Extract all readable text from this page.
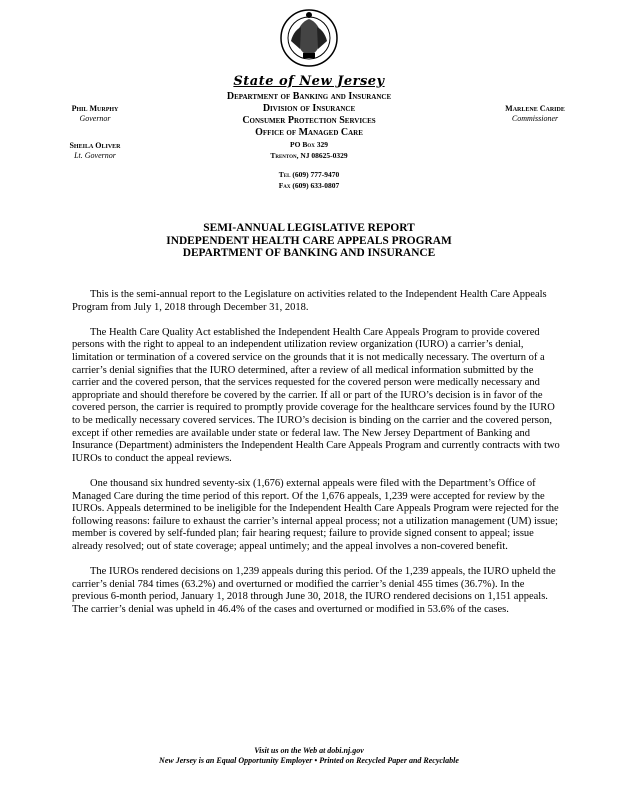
State of New Jersey
Department of Banking and Insurance
Division of Insurance
Consumer Protection Services
Office of Managed Care
PO Box 329
Trenton, NJ 08625-0329
Tel (609) 777-9470
Fax (609) 633-0807
Phil Murphy
Governor
Sheila Oliver
Lt. Governor
Marlene Caride
Commissioner
SEMI-ANNUAL LEGISLATIVE REPORT
INDEPENDENT HEALTH CARE APPEALS PROGRAM
DEPARTMENT OF BANKING AND INSURANCE

This is the semi-annual report to the Legislature on activities related to the Independent Health Care Appeals Program from July 1, 2018 through December 31, 2018.

The Health Care Quality Act established the Independent Health Care Appeals Program to provide covered persons with the right to appeal to an independent utilization review organization (IURO) a carrier’s denial, limitation or termination of a covered service on the grounds that it is not medically necessary. The overturn of a carrier’s denial signifies that the IURO determined, after a review of all medical information submitted by the carrier and the covered person, that the services requested for the covered person were medically necessary and appropriate and should therefore be covered by the carrier. If all or part of the IURO’s decision is in favor of the covered person, the carrier is required to promptly provide coverage for the healthcare services found by the IURO to be medically necessary covered services. The IURO’s decision is binding on the carrier and the covered person, except if other remedies are available under state or federal law. The New Jersey Department of Banking and Insurance (Department) administers the Independent Health Care Appeals Program and currently contracts with two IUROs to conduct the appeal reviews.

One thousand six hundred seventy-six (1,676) external appeals were filed with the Department’s Office of Managed Care during the time period of this report. Of the 1,676 appeals, 1,239 were accepted for review by the IUROs. Appeals determined to be ineligible for the Independent Health Care Appeals Program were rejected for the following reasons: failure to exhaust the carrier’s internal appeal process; not a utilization management (UM) issue; member is covered by self-funded plan; fair hearing request; failure to provide signed consent to appeal; issue already resolved; out of state coverage; appeal untimely; and the appeal involves a non-covered benefit.

The IUROs rendered decisions on 1,239 appeals during this period. Of the 1,239 appeals, the IURO upheld the carrier’s denial 784 times (63.2%) and overturned or modified the carrier’s denial 455 times (36.7%). In the previous 6-month period, January 1, 2018 through June 30, 2018, the IURO rendered decisions on 1,151 appeals. The carrier’s denial was upheld in 46.4% of the cases and overturned or modified in 53.6% of the cases.

Visit us on the Web at dobi.nj.gov
New Jersey is an Equal Opportunity Employer • Printed on Recycled Paper and Recyclable
